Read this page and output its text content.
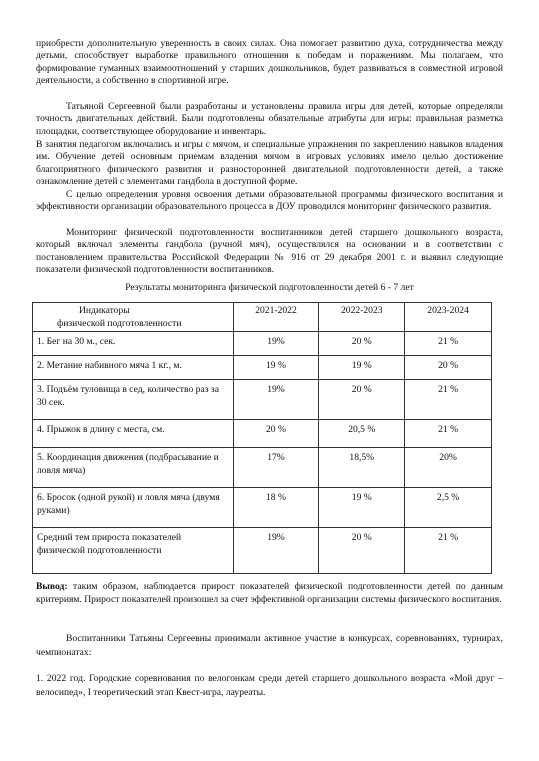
приобрести дополнительную уверенность в своих силах. Она помогает развитию духа, сотрудничества между детьми, способствует выработке правильного отношения к победам и поражениям. Мы полагаем, что формирование гуманных взаимоотношений у старших дошкольников, будет развиваться в совместной игровой деятельности, а собственно в спортивной игре.

Татьяной Сергеевной были разработаны и установлены правила игры для детей, которые определяли точность двигательных действий. Были подготовлены обязательные атрибуты для игры: правильная разметка площадки, соответствующее оборудование и инвентарь.

В занятия педагогом включались и игры с мячом, и специальные упражнения по закреплению навыков владения им. Обучение детей основным приемам владения мячом в игровых условиях имело целью достижение благоприятного физического развития и разносторонней двигательной подготовленности детей, а также ознакомление детей с элементами гандбола в доступной форме.

С целью определения уровня освоения детьми образовательной программы физического воспитания и эффективности организации образовательного процесса в ДОУ проводился мониторинг физического развития.

Мониторинг физической подготовленности воспитанников детей старшего дошкольного возраста, который включал элементы гандбола (ручной мяч), осуществлялся на основании и в соответствии с постановлением правительства Российской Федерации № 916 от 29 декабря 2001 г. и выявил следующие показатели физической подготовленности воспитанников.

Результаты мониторинга физической подготовленности детей 6 - 7 лет
Индикаторы
физической подготовленности	2021-2022	2022-2023	2023-2024
1. Бег на 30 м., сек.	19%	20 %	21 %
2. Метание набивного мяча 1 кг., м.	19 %	19 %	20 %
3. Подъём туловища в сед, количество раз за 30 сек.	19%	20 %	21 %
4. Прыжок в длину с места, см.	20 %	20,5 %	21 %
5. Координация движения (подбрасывание и ловля мяча)	17%	18,5%	20%
6. Бросок (одной рукой) и ловля мяча (двумя руками)	18 %	19 %	2,5 %
Средний тем прироста показателей физической подготовленности	19%	20 %	21 %

Вывод: таким образом, наблюдается прирост показателей физической подготовленности детей по данным критериям. Прирост показателей произошел за счет эффективной организации системы физического воспитания.

Воспитанники Татьяны Сергеевны принимали активное участие в конкурсах, соревнованиях, турнирах, чемпионатах:

1. 2022 год. Городские соревнования по велогонкам среди детей старшего дошкольного возраста «Мой друг – велосипед», I теоретический этап Квест-игра, лауреаты.
